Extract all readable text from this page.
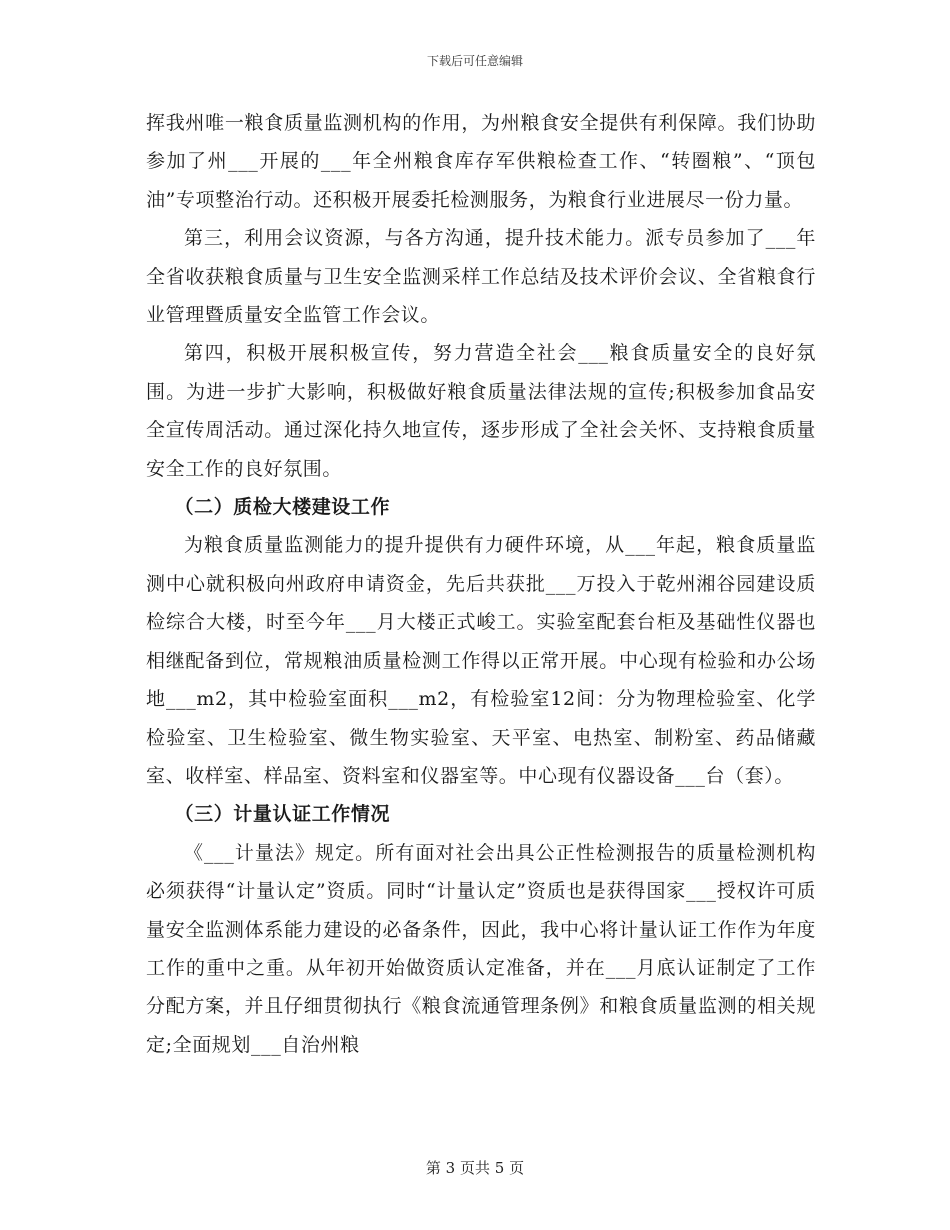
下载后可任意编辑

挥我州唯一粮食质量监测机构的作用，为州粮食安全提供有利保障。我们协助参加了州___开展的___年全州粮食库存军供粮检查工作、“转圈粮”、“顶包油”专项整治行动。还积极开展委托检测服务，为粮食行业进展尽一份力量。

第三，利用会议资源，与各方沟通，提升技术能力。派专员参加了___年全省收获粮食质量与卫生安全监测采样工作总结及技术评价会议、全省粮食行业管理暨质量安全监管工作会议。

第四，积极开展积极宣传，努力营造全社会___粮食质量安全的良好氛围。为进一步扩大影响，积极做好粮食质量法律法规的宣传;积极参加食品安全宣传周活动。通过深化持久地宣传，逐步形成了全社会关怀、支持粮食质量安全工作的良好氛围。

（二）质检大楼建设工作

为粮食质量监测能力的提升提供有力硬件环境，从___年起，粮食质量监测中心就积极向州政府申请资金，先后共获批___万投入于乾州湘谷园建设质检综合大楼，时至今年___月大楼正式峻工。实验室配套台柜及基础性仪器也相继配备到位，常规粮油质量检测工作得以正常开展。中心现有检验和办公场地___m2，其中检验室面积___m2，有检验室12间：分为物理检验室、化学检验室、卫生检验室、微生物实验室、天平室、电热室、制粉室、药品储藏室、收样室、样品室、资料室和仪器室等。中心现有仪器设备___台（套）。

（三）计量认证工作情况

《___计量法》规定。所有面对社会出具公正性检测报告的质量检测机构必须获得“计量认定”资质。同时“计量认定”资质也是获得国家___授权许可质量安全监测体系能力建设的必备条件，因此，我中心将计量认证工作作为年度工作的重中之重。从年初开始做资质认定准备，并在___月底认证制定了工作分配方案，并且仔细贯彻执行《粮食流通管理条例》和粮食质量监测的相关规定;全面规划___自治州粮

第 3 页共 5 页
